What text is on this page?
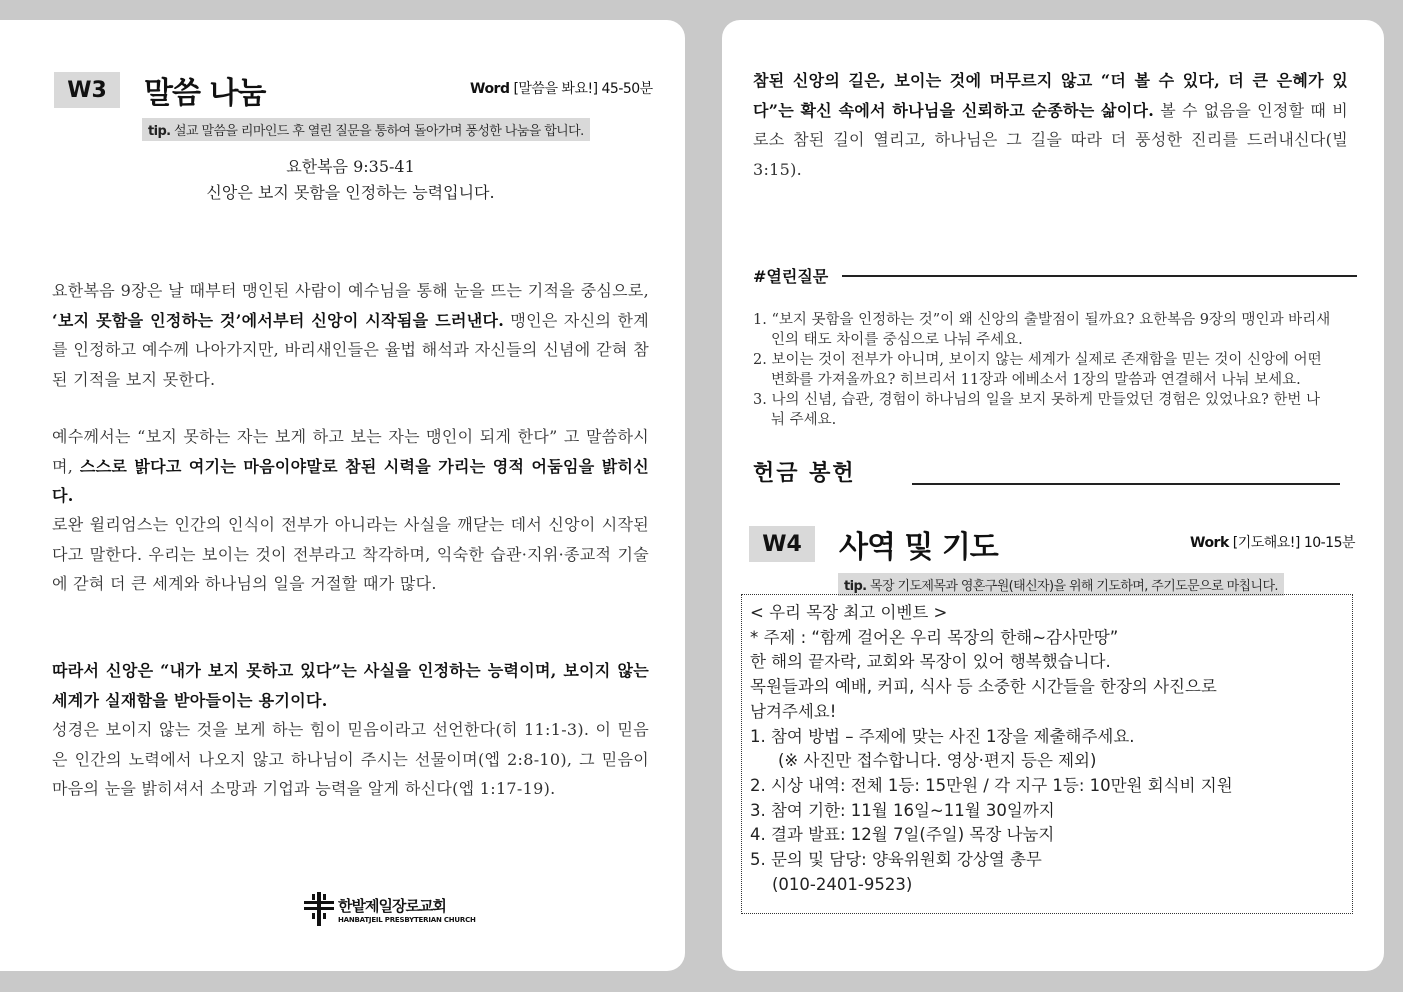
W3	말씀 나눔	Word [말씀을 봐요!] 45-50분
tip. 설교 말씀을 리마인드 후 열린 질문을 통하여 돌아가며 풍성한 나눔을 합니다.
요한복음 9:35-41
신앙은 보지 못함을 인정하는 능력입니다.
요한복음 9장은 날 때부터 맹인된 사람이 예수님을 통해 눈을 뜨는 기적을 중심으로, ‘보지 못함을 인정하는 것’에서부터 신앙이 시작됨을 드러낸다. 맹인은 자신의 한계를 인정하고 예수께 나아가지만, 바리새인들은 율법 해석과 자신들의 신념에 갇혀 참된 기적을 보지 못한다.
예수께서는 “보지 못하는 자는 보게 하고 보는 자는 맹인이 되게 한다” 고 말씀하시며, 스스로 밝다고 여기는 마음이야말로 참된 시력을 가리는 영적 어둠임을 밝히신다.
로완 윌리엄스는 인간의 인식이 전부가 아니라는 사실을 깨닫는 데서 신앙이 시작된다고 말한다. 우리는 보이는 것이 전부라고 착각하며, 익숙한 습관·지위·종교적 기술에 갇혀 더 큰 세계와 하나님의 일을 거절할 때가 많다.
따라서 신앙은 “내가 보지 못하고 있다”는 사실을 인정하는 능력이며, 보이지 않는 세계가 실재함을 받아들이는 용기이다.
성경은 보이지 않는 것을 보게 하는 힘이 믿음이라고 선언한다(히 11:1-3). 이 믿음은 인간의 노력에서 나오지 않고 하나님이 주시는 선물이며(엡 2:8-10), 그 믿음이 마음의 눈을 밝히셔서 소망과 기업과 능력을 알게 하신다(엡 1:17-19).
한밭제일장로교회
HANBATJEIL PRESBYTERIAN CHURCH
참된 신앙의 길은, 보이는 것에 머무르지 않고 “더 볼 수 있다, 더 큰 은혜가 있다”는 확신 속에서 하나님을 신뢰하고 순종하는 삶이다. 볼 수 없음을 인정할 때 비로소 참된 길이 열리고, 하나님은 그 길을 따라 더 풍성한 진리를 드러내신다(빌 3:15).
#열린질문
1. “보지 못함을 인정하는 것”이 왜 신앙의 출발점이 될까요? 요한복음 9장의 맹인과 바리새인의 태도 차이를 중심으로 나눠 주세요.
2. 보이는 것이 전부가 아니며, 보이지 않는 세계가 실제로 존재함을 믿는 것이 신앙에 어떤 변화를 가져올까요? 히브리서 11장과 에베소서 1장의 말씀과 연결해서 나눠 보세요.
3. 나의 신념, 습관, 경험이 하나님의 일을 보지 못하게 만들었던 경험은 있었나요? 한번 나눠 주세요.
헌금 봉헌
W4	사역 및 기도	Work [기도해요!] 10-15분
tip. 목장 기도제목과 영혼구원(태신자)을 위해 기도하며, 주기도문으로 마칩니다.
< 우리 목장 최고 이벤트 >
* 주제 : “함께 걸어온 우리 목장의 한해~감사만땅”
한 해의 끝자락, 교회와 목장이 있어 행복했습니다.
목원들과의 예배, 커피, 식사 등 소중한 시간들을 한장의 사진으로
남겨주세요!
1. 참여 방법 – 주제에 맞는 사진 1장을 제출해주세요.
(※ 사진만 접수합니다. 영상·편지 등은 제외)
2. 시상 내역: 전체 1등: 15만원 / 각 지구 1등: 10만원 회식비 지원
3. 참여 기한: 11월 16일~11월 30일까지
4. 결과 발표: 12월 7일(주일) 목장 나눔지
5. 문의 및 담당: 양육위원회 강상열 총무
(010-2401-9523)
